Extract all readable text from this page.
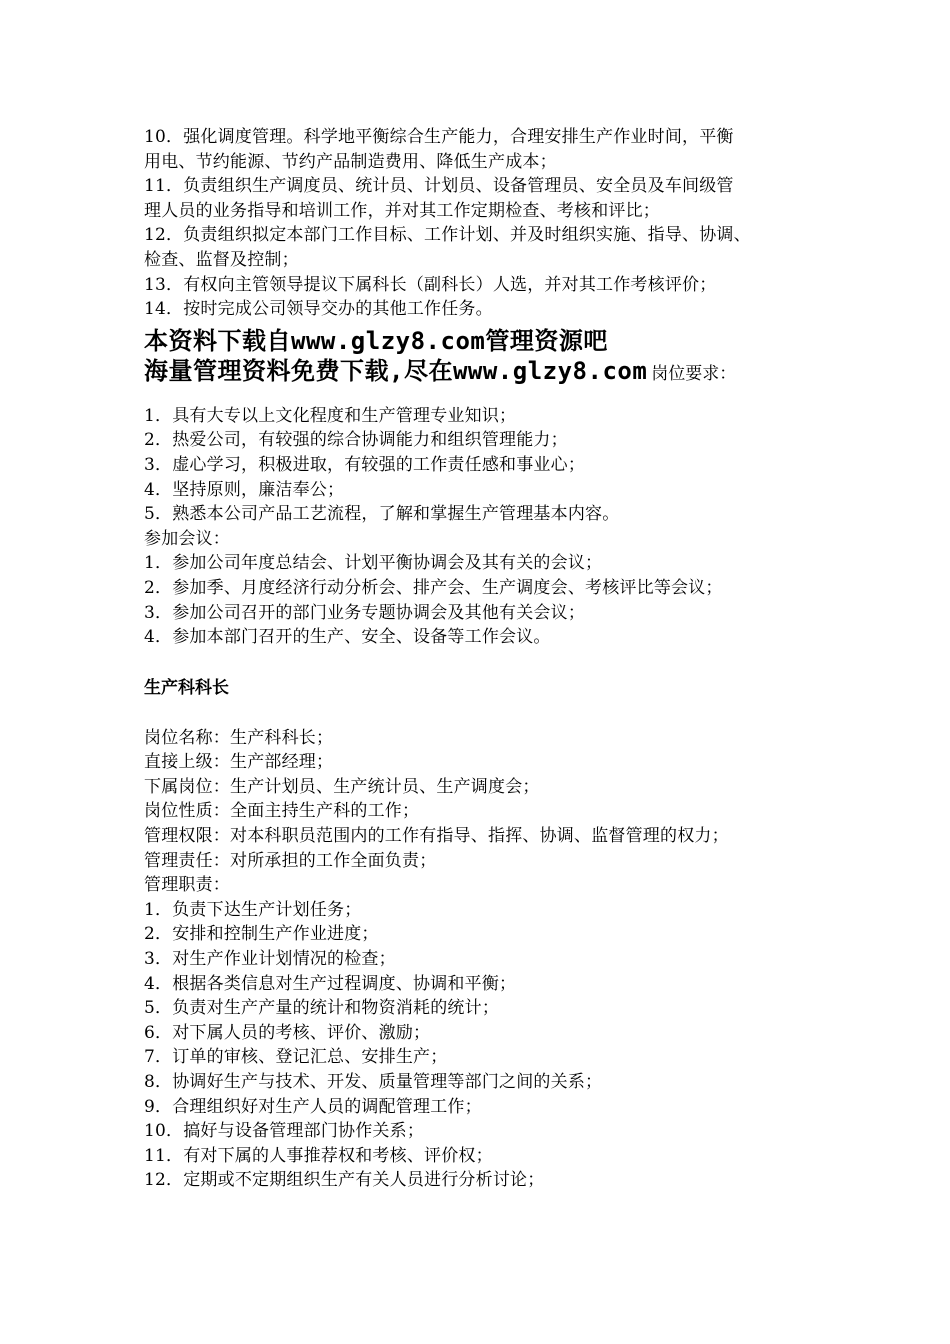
10．强化调度管理。科学地平衡综合生产能力，合理安排生产作业时间，平衡
用电、节约能源、节约产品制造费用、降低生产成本；
11．负责组织生产调度员、统计员、计划员、设备管理员、安全员及车间级管
理人员的业务指导和培训工作，并对其工作定期检查、考核和评比；
12．负责组织拟定本部门工作目标、工作计划、并及时组织实施、指导、协调、
检查、监督及控制；
13．有权向主管领导提议下属科长（副科长）人选，并对其工作考核评价；
14．按时完成公司领导交办的其他工作任务。
本资料下载自www.glzy8.com管理资源吧
海量管理资料免费下载,尽在www.glzy8.com 岗位要求：
1．具有大专以上文化程度和生产管理专业知识；
2．热爱公司，有较强的综合协调能力和组织管理能力；
3．虚心学习，积极进取，有较强的工作责任感和事业心；
4．坚持原则，廉洁奉公；
5．熟悉本公司产品工艺流程，了解和掌握生产管理基本内容。
参加会议：
1．参加公司年度总结会、计划平衡协调会及其有关的会议；
2．参加季、月度经济行动分析会、排产会、生产调度会、考核评比等会议；
3．参加公司召开的部门业务专题协调会及其他有关会议；
4．参加本部门召开的生产、安全、设备等工作会议。
生产科科长
岗位名称：生产科科长；
直接上级：生产部经理；
下属岗位：生产计划员、生产统计员、生产调度会；
岗位性质：全面主持生产科的工作；
管理权限：对本科职员范围内的工作有指导、指挥、协调、监督管理的权力；
管理责任：对所承担的工作全面负责；
管理职责：
1．负责下达生产计划任务；
2．安排和控制生产作业进度；
3．对生产作业计划情况的检查；
4．根据各类信息对生产过程调度、协调和平衡；
5．负责对生产产量的统计和物资消耗的统计；
6．对下属人员的考核、评价、激励；
7．订单的审核、登记汇总、安排生产；
8．协调好生产与技术、开发、质量管理等部门之间的关系；
9．合理组织好对生产人员的调配管理工作；
10．搞好与设备管理部门协作关系；
11．有对下属的人事推荐权和考核、评价权；
12．定期或不定期组织生产有关人员进行分析讨论；
